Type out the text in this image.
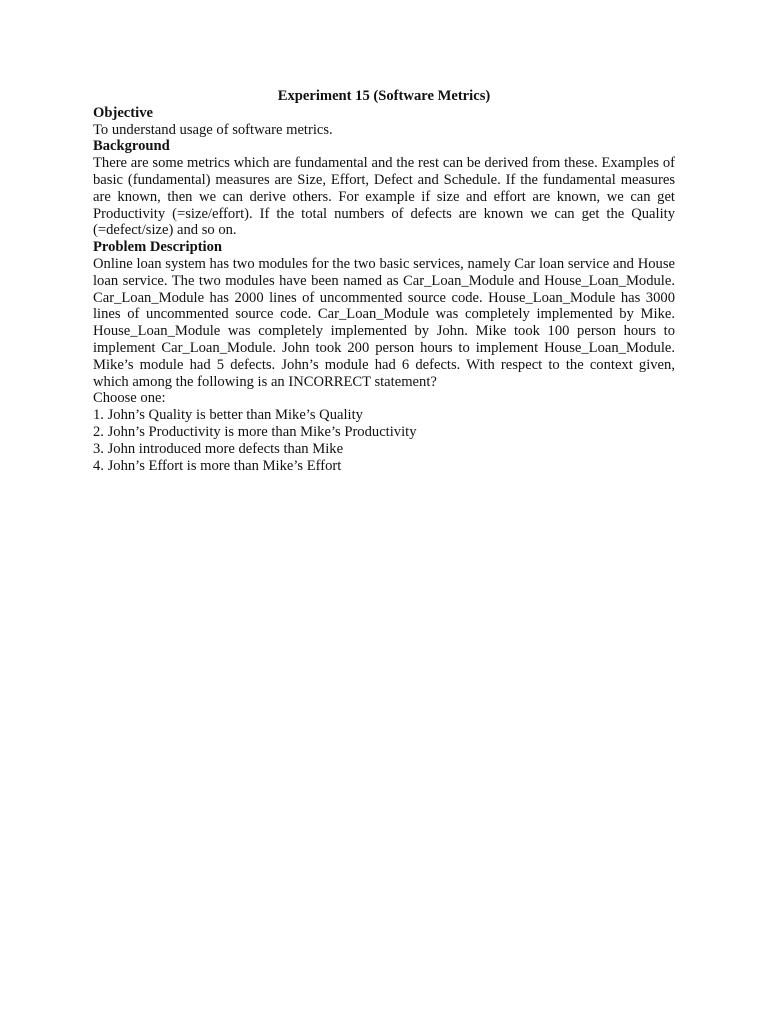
Experiment 15 (Software Metrics)

Objective

To understand usage of software metrics.

Background

There are some metrics which are fundamental and the rest can be derived from these. Examples of basic (fundamental) measures are Size, Effort, Defect and Schedule. If the fundamental measures are known, then we can derive others. For example if size and effort are known, we can get Productivity (=size/effort). If the total numbers of defects are known we can get the Quality (=defect/size) and so on.

Problem Description

Online loan system has two modules for the two basic services, namely Car loan service and House loan service. The two modules have been named as Car_Loan_Module and House_Loan_Module. Car_Loan_Module has 2000 lines of uncommented source code. House_Loan_Module has 3000 lines of uncommented source code. Car_Loan_Module was completely implemented by Mike. House_Loan_Module was completely implemented by John. Mike took 100 person hours to implement Car_Loan_Module. John took 200 person hours to implement House_Loan_Module. Mike’s module had 5 defects. John’s module had 6 defects. With respect to the context given, which among the following is an INCORRECT statement?

Choose one:

1. John’s Quality is better than Mike’s Quality
2. John’s Productivity is more than Mike’s Productivity
3. John introduced more defects than Mike
4. John’s Effort is more than Mike’s Effort
